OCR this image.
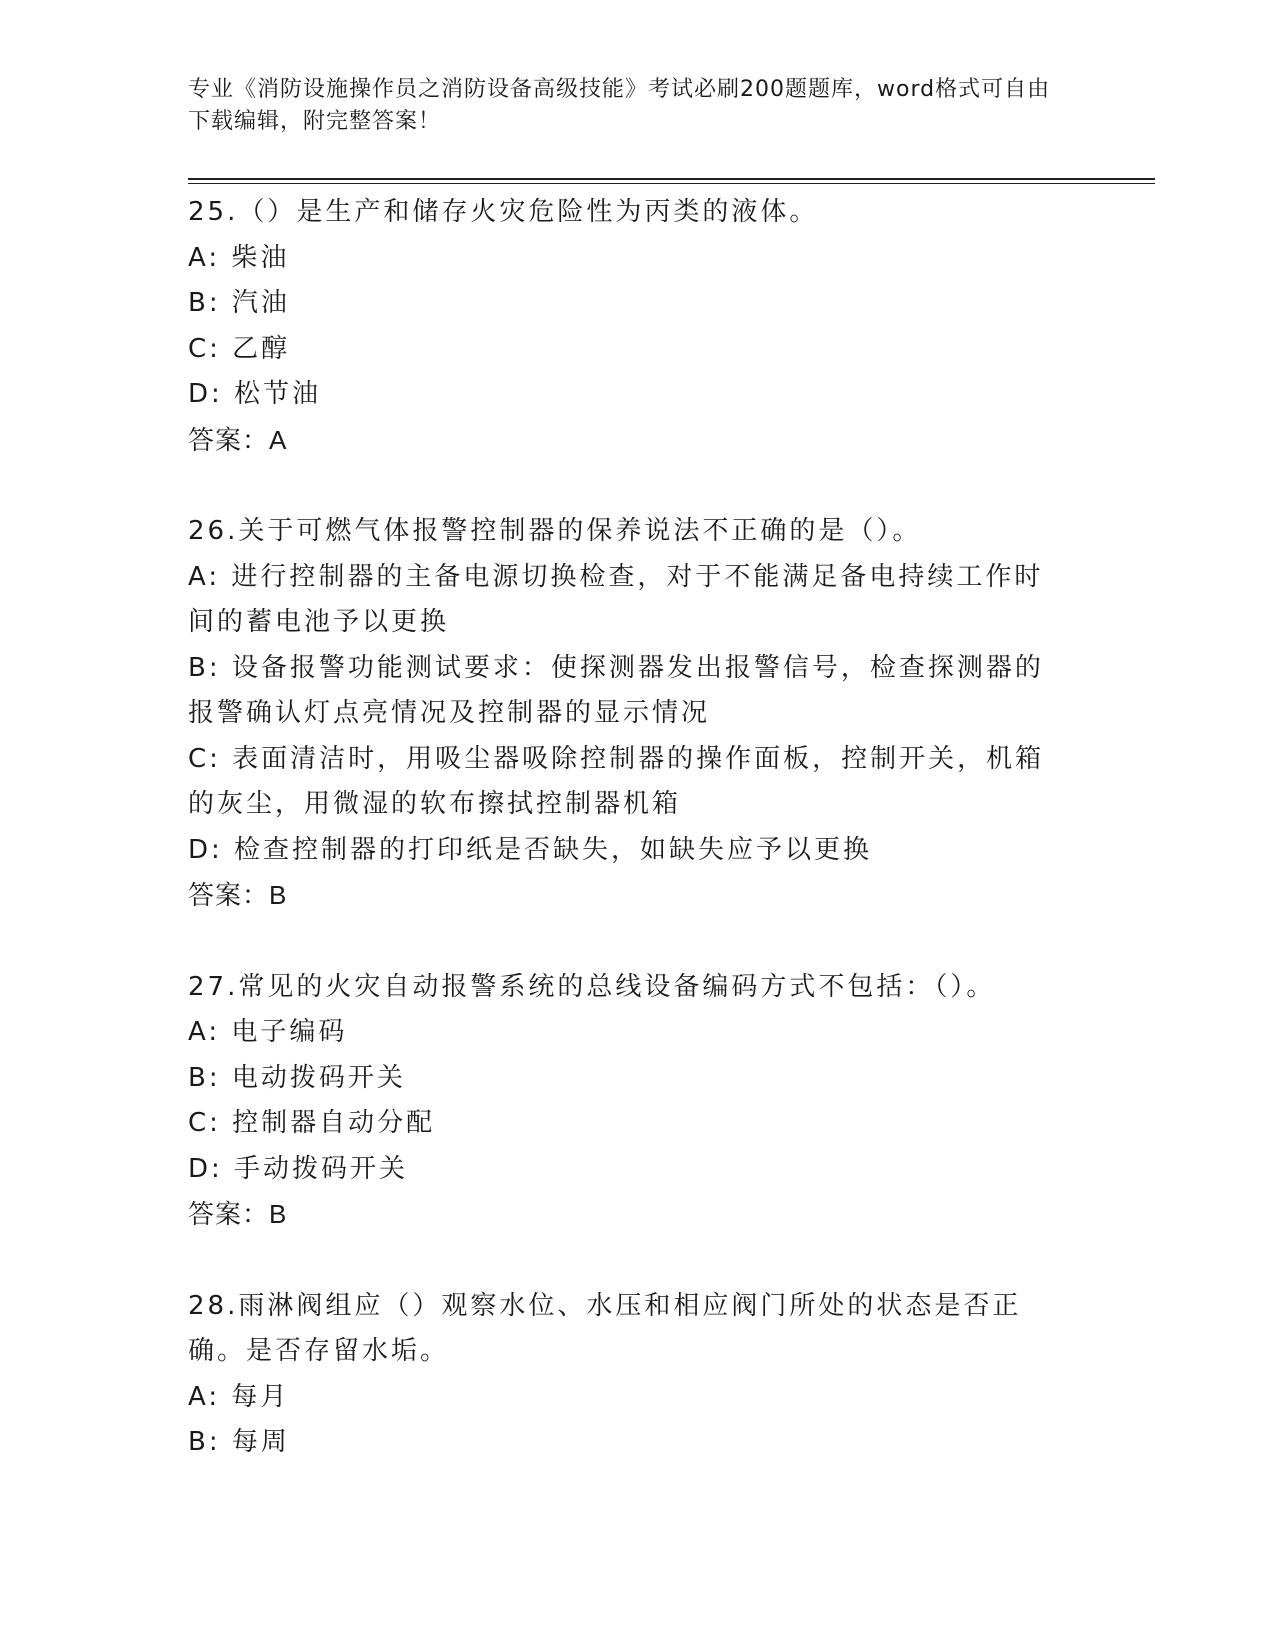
专业《消防设施操作员之消防设备高级技能》考试必刷200题题库，word格式可自由下载编辑，附完整答案！

25.（）是生产和储存火灾危险性为丙类的液体。

A: 柴油

B: 汽油

C: 乙醇

D: 松节油

答案：A

26.关于可燃气体报警控制器的保养说法不正确的是（）。

A: 进行控制器的主备电源切换检查，对于不能满足备电持续工作时间的蓄电池予以更换

B: 设备报警功能测试要求：使探测器发出报警信号，检查探测器的报警确认灯点亮情况及控制器的显示情况

C: 表面清洁时，用吸尘器吸除控制器的操作面板，控制开关，机箱的灰尘，用微湿的软布擦拭控制器机箱

D: 检查控制器的打印纸是否缺失，如缺失应予以更换

答案：B

27.常见的火灾自动报警系统的总线设备编码方式不包括：（）。

A: 电子编码

B: 电动拨码开关

C: 控制器自动分配

D: 手动拨码开关

答案：B

28.雨淋阀组应（）观察水位、水压和相应阀门所处的状态是否正确。是否存留水垢。

A: 每月

B: 每周
